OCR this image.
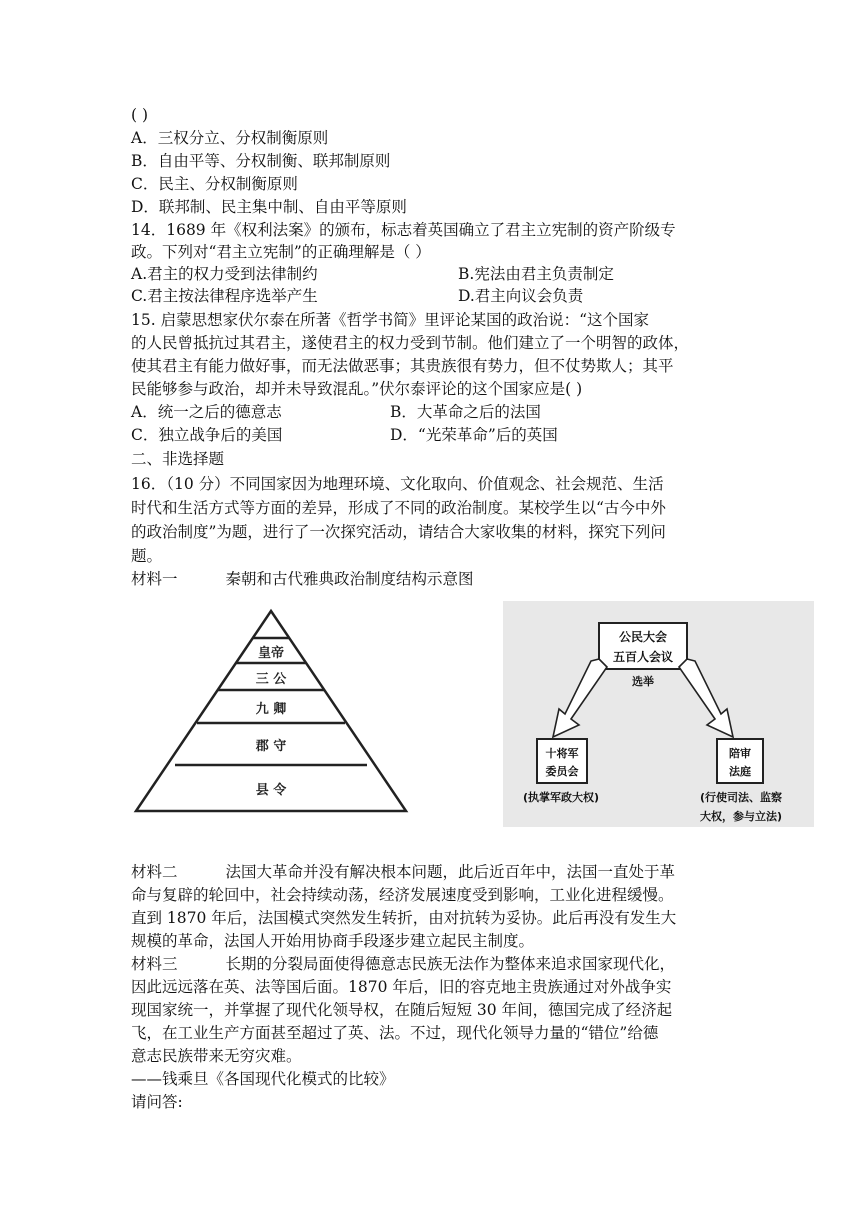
( )
A．三权分立、分权制衡原则
B．自由平等、分权制衡、联邦制原则
C．民主、分权制衡原则
D．联邦制、民主集中制、自由平等原则
14．1689 年《权利法案》的颁布，标志着英国确立了君主立宪制的资产阶级专
政。下列对“君主立宪制”的正确理解是（ ）
A.君主的权力受到法律制约	B.宪法由君主负责制定
C.君主按法律程序选举产生	D.君主向议会负责
15. 启蒙思想家伏尔泰在所著《哲学书简》里评论某国的政治说：“这个国家
的人民曾抵抗过其君主，遂使君主的权力受到节制。他们建立了一个明智的政体，
使其君主有能力做好事，而无法做恶事；其贵族很有势力，但不仗势欺人；其平
民能够参与政治，却并未导致混乱。”伏尔泰评论的这个国家应是( )
A．统一之后的德意志	B．大革命之后的法国
C．独立战争后的美国	D．“光荣革命”后的英国
二、非选择题
16．（10 分）不同国家因为地理环境、文化取向、价值观念、社会规范、生活
时代和生活方式等方面的差异，形成了不同的政治制度。某校学生以“古今中外
的政治制度”为题，进行了一次探究活动，请结合大家收集的材料，探究下列问
题。
材料一	秦朝和古代雅典政治制度结构示意图
皇帝
三 公
九 卿
郡 守
县 令
公民大会
五百人会议
选举
十将军
委员会
(执掌军政大权)
陪审
法庭
(行使司法、监察
大权，参与立法)
材料二	法国大革命并没有解决根本问题，此后近百年中，法国一直处于革
命与复辟的轮回中，社会持续动荡，经济发展速度受到影响，工业化进程缓慢。
直到 1870 年后，法国模式突然发生转折，由对抗转为妥协。此后再没有发生大
规模的革命，法国人开始用协商手段逐步建立起民主制度。
材料三	长期的分裂局面使得德意志民族无法作为整体来追求国家现代化，
因此远远落在英、法等国后面。1870 年后，旧的容克地主贵族通过对外战争实
现国家统一，并掌握了现代化领导权，在随后短短 30 年间，德国完成了经济起
飞，在工业生产方面甚至超过了英、法。不过，现代化领导力量的“错位”给德
意志民族带来无穷灾难。
——钱乘旦《各国现代化模式的比较》
请问答:
